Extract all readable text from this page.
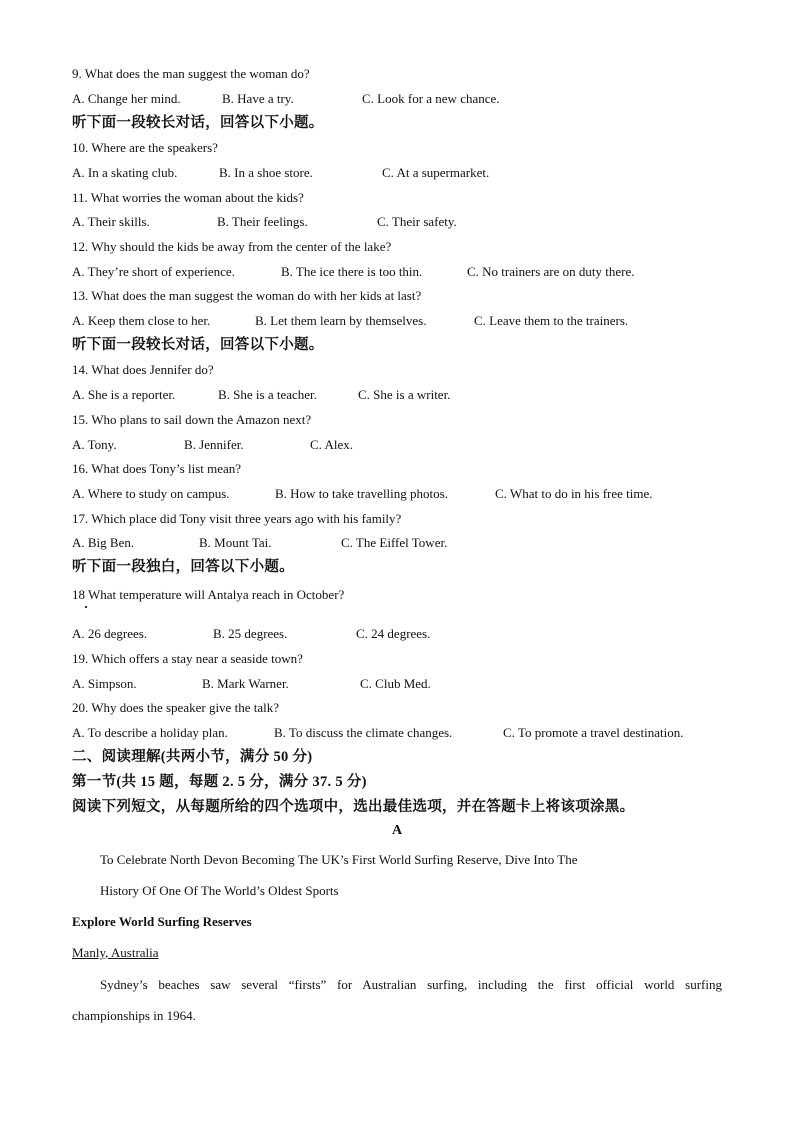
9. What does the man suggest the woman do?
A. Change her mind.	B. Have a try.	C. Look for a new chance.
听下面一段较长对话，回答以下小题。
10. Where are the speakers?
A. In a skating club.	B. In a shoe store.	C. At a supermarket.
11. What worries the woman about the kids?
A. Their skills.	B. Their feelings.	C. Their safety.
12. Why should the kids be away from the center of the lake?
A. They’re short of experience.	B. The ice there is too thin.	C. No trainers are on duty there.
13. What does the man suggest the woman do with her kids at last?
A. Keep them close to her.	B. Let them learn by themselves.	C. Leave them to the trainers.
听下面一段较长对话，回答以下小题。
14. What does Jennifer do?
A. She is a reporter.	B. She is a teacher.	C. She is a writer.
15. Who plans to sail down the Amazon next?
A. Tony.	B. Jennifer.	C. Alex.
16. What does Tony’s list mean?
A. Where to study on campus.	B. How to take travelling photos.	C. What to do in his free time.
17. Which place did Tony visit three years ago with his family?
A. Big Ben.	B. Mount Tai.	C. The Eiffel Tower.
听下面一段独白，回答以下小题。
18 What temperature will Antalya reach in October?
A. 26 degrees.	B. 25 degrees.	C. 24 degrees.
19. Which offers a stay near a seaside town?
A. Simpson.	B. Mark Warner.	C. Club Med.
20. Why does the speaker give the talk?
A. To describe a holiday plan.	B. To discuss the climate changes.	C. To promote a travel destination.
二、阅读理解(共两小节，满分 50 分)
第一节(共 15 题，每题 2. 5 分，满分 37. 5 分)
阅读下列短文，从每题所给的四个选项中，选出最佳选项，并在答题卡上将该项涂黑。
A
To Celebrate North Devon Becoming The UK’s First World Surfing Reserve, Dive Into The
History Of One Of The World’s Oldest Sports
Explore World Surfing Reserves
Manly, Australia
Sydney’s beaches saw several “firsts” for Australian surfing, including the first official world surfing
championships in 1964.
